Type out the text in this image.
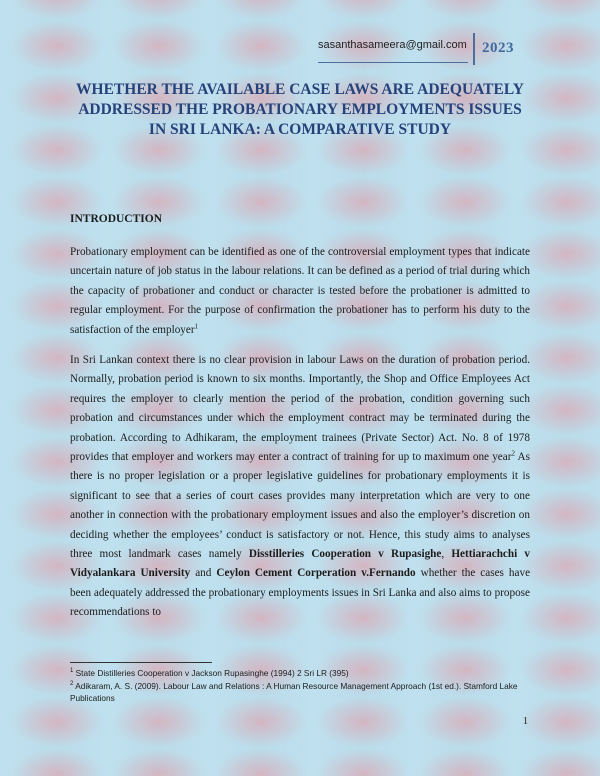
sasanthasameera@gmail.com 2023
WHETHER THE AVAILABLE CASE LAWS ARE ADEQUATELY ADDRESSED THE PROBATIONARY EMPLOYMENTS ISSUES IN SRI LANKA: A COMPARATIVE STUDY
INTRODUCTION

Probationary employment can be identified as one of the controversial employment types that indicate uncertain nature of job status in the labour relations. It can be defined as a period of trial during which the capacity of probationer and conduct or character is tested before the probationer is admitted to regular employment. For the purpose of confirmation the probationer has to perform his duty to the satisfaction of the employer$^1$

In Sri Lankan context there is no clear provision in labour Laws on the duration of probation period. Normally, probation period is known to six months. Importantly, the Shop and Office Employees Act requires the employer to clearly mention the period of the probation, condition governing such probation and circumstances under which the employment contract may be terminated during the probation. According to Adhikaram, the employment trainees (Private Sector) Act. No. 8 of 1978 provides that employer and workers may enter a contract of training for up to maximum one year$^2$ As there is no proper legislation or a proper legislative guidelines for probationary employments it is significant to see that a series of court cases provides many interpretation which are very to one another in connection with the probationary employment issues and also the employer’s discretion on deciding whether the employees’ conduct is satisfactory or not. Hence, this study aims to analyses three most landmark cases namely Disstilleries Cooperation v Rupasighe, Hettiarachchi v Vidyalankara University and Ceylon Cement Corperation v.Fernando whether the cases have been adequately addressed the probationary employments issues in Sri Lanka and also aims to propose recommendations to

$^1$ State Distilleries Cooperation v Jackson Rupasinghe (1994) 2 Sri LR (395)
$^2$ Adikaram, A. S. (2009). Labour Law and Relations : A Human Resource Management Approach (1st ed.). Stamford Lake Publications
1
